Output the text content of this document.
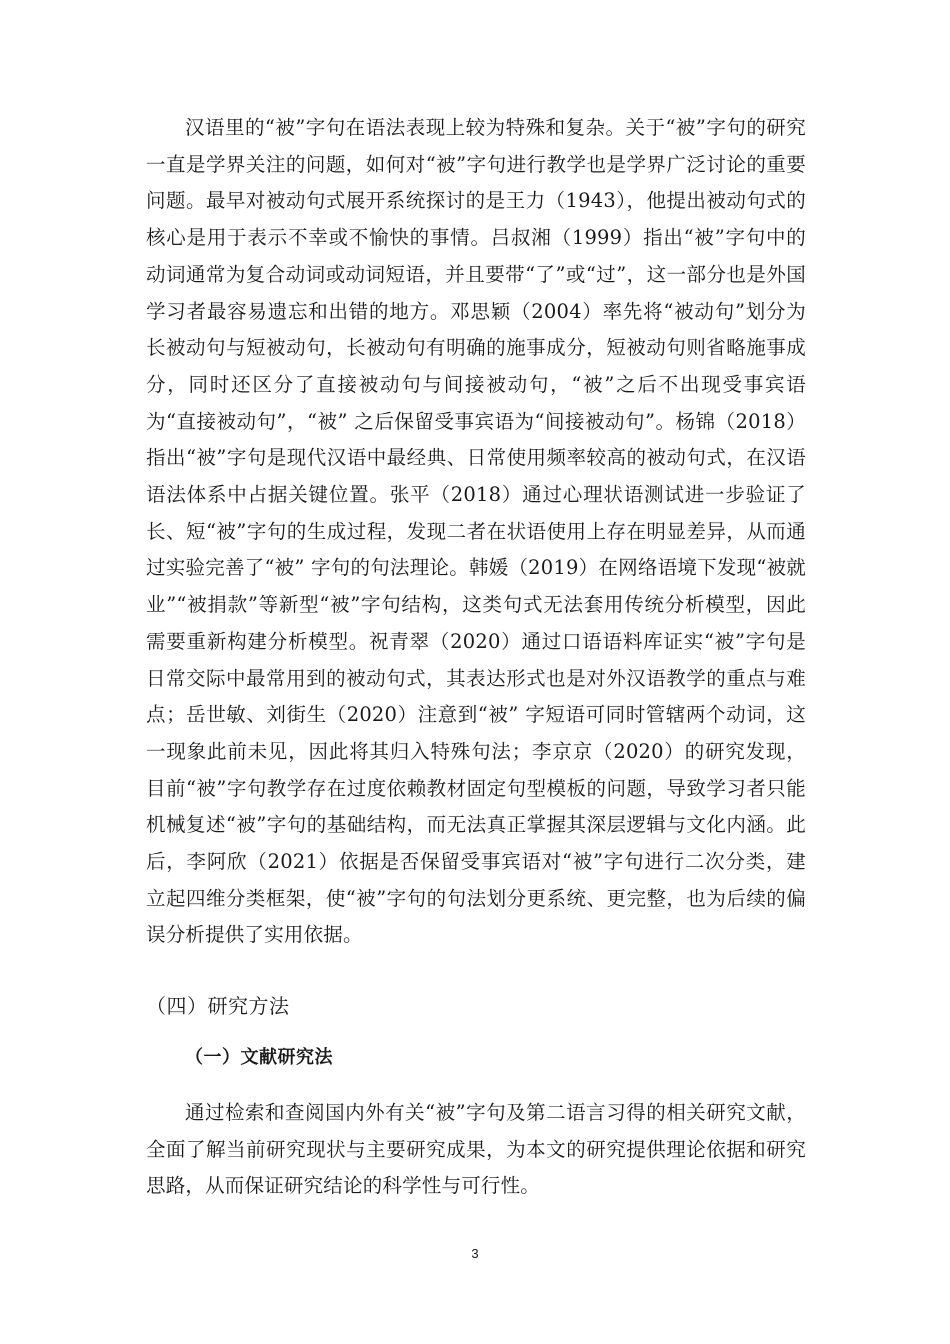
汉语里的“被”字句在语法表现上较为特殊和复杂。关于“被”字句的研究一直是学界关注的问题，如何对“被”字句进行教学也是学界广泛讨论的重要问题。最早对被动句式展开系统探讨的是王力（1943），他提出被动句式的核心是用于表示不幸或不愉快的事情。吕叔湘（1999）指出“被”字句中的动词通常为复合动词或动词短语，并且要带“了”或“过”，这一部分也是外国学习者最容易遗忘和出错的地方。邓思颖（2004）率先将“被动句”划分为长被动句与短被动句，长被动句有明确的施事成分，短被动句则省略施事成分，同时还区分了直接被动句与间接被动句，“被”之后不出现受事宾语为“直接被动句”，“被” 之后保留受事宾语为“间接被动句”。杨锦（2018）指出“被”字句是现代汉语中最经典、日常使用频率较高的被动句式，在汉语语法体系中占据关键位置。张平（2018）通过心理状语测试进一步验证了长、短“被”字句的生成过程，发现二者在状语使用上存在明显差异，从而通过实验完善了“被” 字句的句法理论。韩媛（2019）在网络语境下发现“被就业”“被捐款”等新型“被”字句结构，这类句式无法套用传统分析模型，因此需要重新构建分析模型。祝青翠（2020）通过口语语料库证实“被”字句是日常交际中最常用到的被动句式，其表达形式也是对外汉语教学的重点与难点；岳世敏、刘街生（2020）注意到“被” 字短语可同时管辖两个动词，这一现象此前未见，因此将其归入特殊句法；李京京（2020）的研究发现，目前“被”字句教学存在过度依赖教材固定句型模板的问题，导致学习者只能机械复述“被”字句的基础结构，而无法真正掌握其深层逻辑与文化内涵。此后，李阿欣（2021）依据是否保留受事宾语对“被”字句进行二次分类，建立起四维分类框架，使“被”字句的句法划分更系统、更完整，也为后续的偏误分析提供了实用依据。

（四）研究方法
（一）文献研究法

通过检索和查阅国内外有关“被”字句及第二语言习得的相关研究文献，全面了解当前研究现状与主要研究成果，为本文的研究提供理论依据和研究思路，从而保证研究结论的科学性与可行性。

3
